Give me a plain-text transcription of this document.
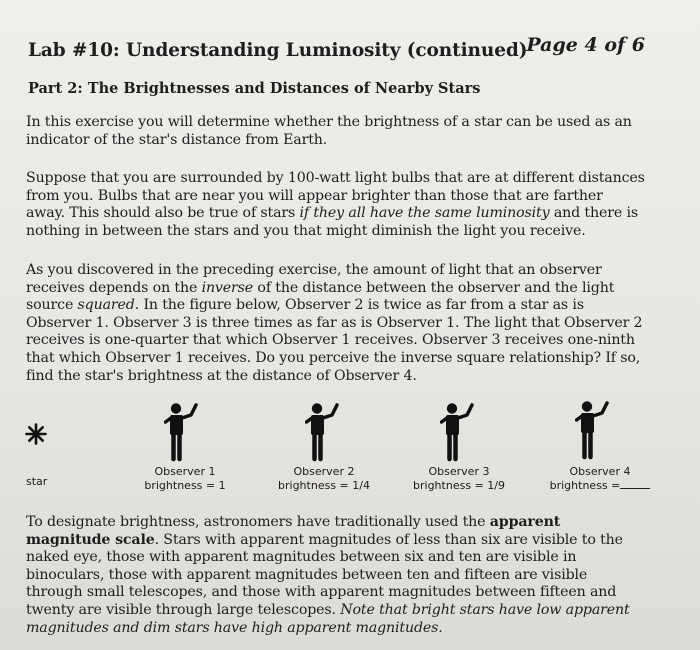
Lab #10: Understanding Luminosity (continued) Page 4 of 6
Part 2: The Brightnesses and Distances of Nearby Stars
In this exercise you will determine whether the brightness of a star can be used as an indicator of the star's distance from Earth.
Suppose that you are surrounded by 100-watt light bulbs that are at different distances from you. Bulbs that are near you will appear brighter than those that are farther away. This should also be true of stars if they all have the same luminosity and there is nothing in between the stars and you that might diminish the light you receive.
As you discovered in the preceding exercise, the amount of light that an observer receives depends on the inverse of the distance between the observer and the light source squared. In the figure below, Observer 2 is twice as far from a star as is Observer 1. Observer 3 is three times as far as is Observer 1. The light that Observer 2 receives is one-quarter that which Observer 1 receives. Observer 3 receives one-ninth that which Observer 1 receives. Do you perceive the inverse square relationship? If so, find the star's brightness at the distance of Observer 4.
star
Observer 1
brightness = 1
Observer 2
brightness = 1/4
Observer 3
brightness = 1/9
Observer 4
brightness =
To designate brightness, astronomers have traditionally used the apparent magnitude scale. Stars with apparent magnitudes of less than six are visible to the naked eye, those with apparent magnitudes between six and ten are visible in binoculars, those with apparent magnitudes between ten and fifteen are visible through small telescopes, and those with apparent magnitudes between fifteen and twenty are visible through large telescopes. Note that bright stars have low apparent magnitudes and dim stars have high apparent magnitudes.
